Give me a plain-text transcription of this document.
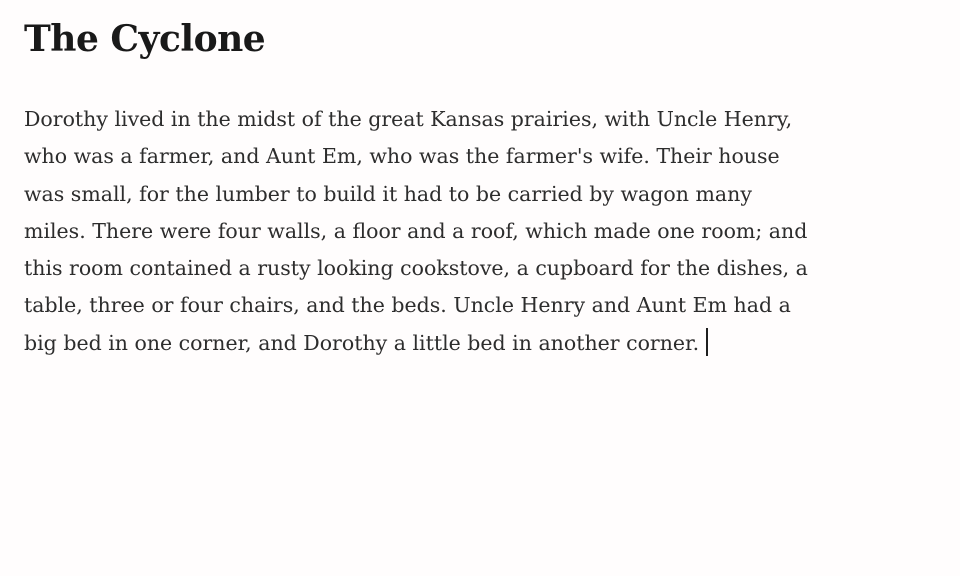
The Cyclone
Dorothy lived in the midst of the great Kansas prairies, with Uncle Henry,
who was a farmer, and Aunt Em, who was the farmer's wife. Their house
was small, for the lumber to build it had to be carried by wagon many
miles. There were four walls, a floor and a roof, which made one room; and
this room contained a rusty looking cookstove, a cupboard for the dishes, a
table, three or four chairs, and the beds. Uncle Henry and Aunt Em had a
big bed in one corner, and Dorothy a little bed in another corner.
